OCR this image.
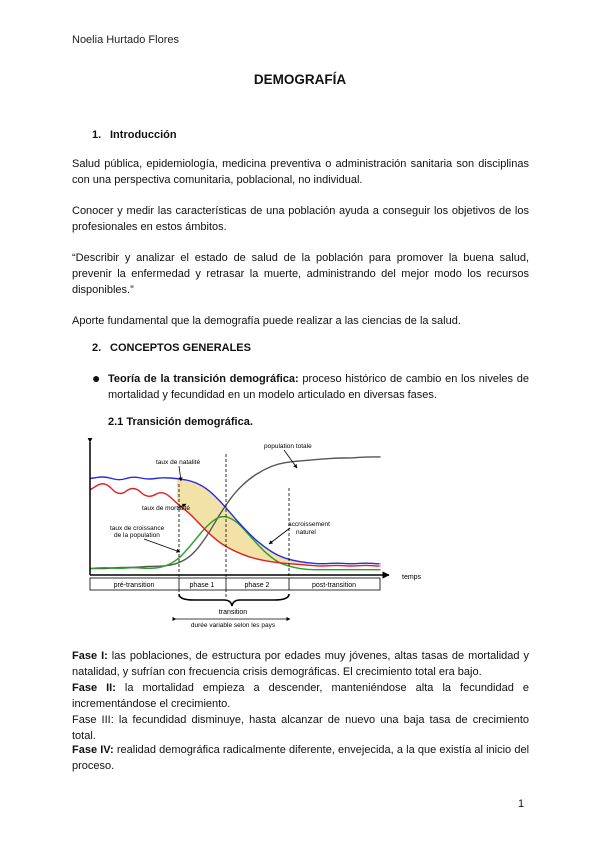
Noelia Hurtado Flores
DEMOGRAFÍA
1. Introducción
Salud pública, epidemiología, medicina preventiva o administración sanitaria son disciplinas con una perspectiva comunitaria, poblacional, no individual.
Conocer y medir las características de una población ayuda a conseguir los objetivos de los profesionales en estos ámbitos.
“Describir y analizar el estado de salud de la población para promover la buena salud, prevenir la enfermedad y retrasar la muerte, administrando del mejor modo los recursos disponibles.”
Aporte fundamental que la demografía puede realizar a las ciencias de la salud.
2. CONCEPTOS GENERALES
● Teoría de la transición demográfica: proceso histórico de cambio en los niveles de mortalidad y fecundidad en un modelo articulado en diversas fases.
2.1 Transición demográfica.
pré-transition	phase 1	phase 2	post-transition
temps
transition
durée variable selon les pays
taux de natalité
taux de mortalité
taux de croissance de la population
population totale
accroissement naturel
Fase I: las poblaciones, de estructura por edades muy jóvenes, altas tasas de mortalidad y natalidad, y sufrían con frecuencia crisis demográficas. El crecimiento total era bajo.
Fase II: la mortalidad empieza a descender, manteniéndose alta la fecundidad e incrementándose el crecimiento.
Fase III: la fecundidad disminuye, hasta alcanzar de nuevo una baja tasa de crecimiento total.
Fase IV: realidad demográfica radicalmente diferente, envejecida, a la que existía al inicio del proceso.
1
